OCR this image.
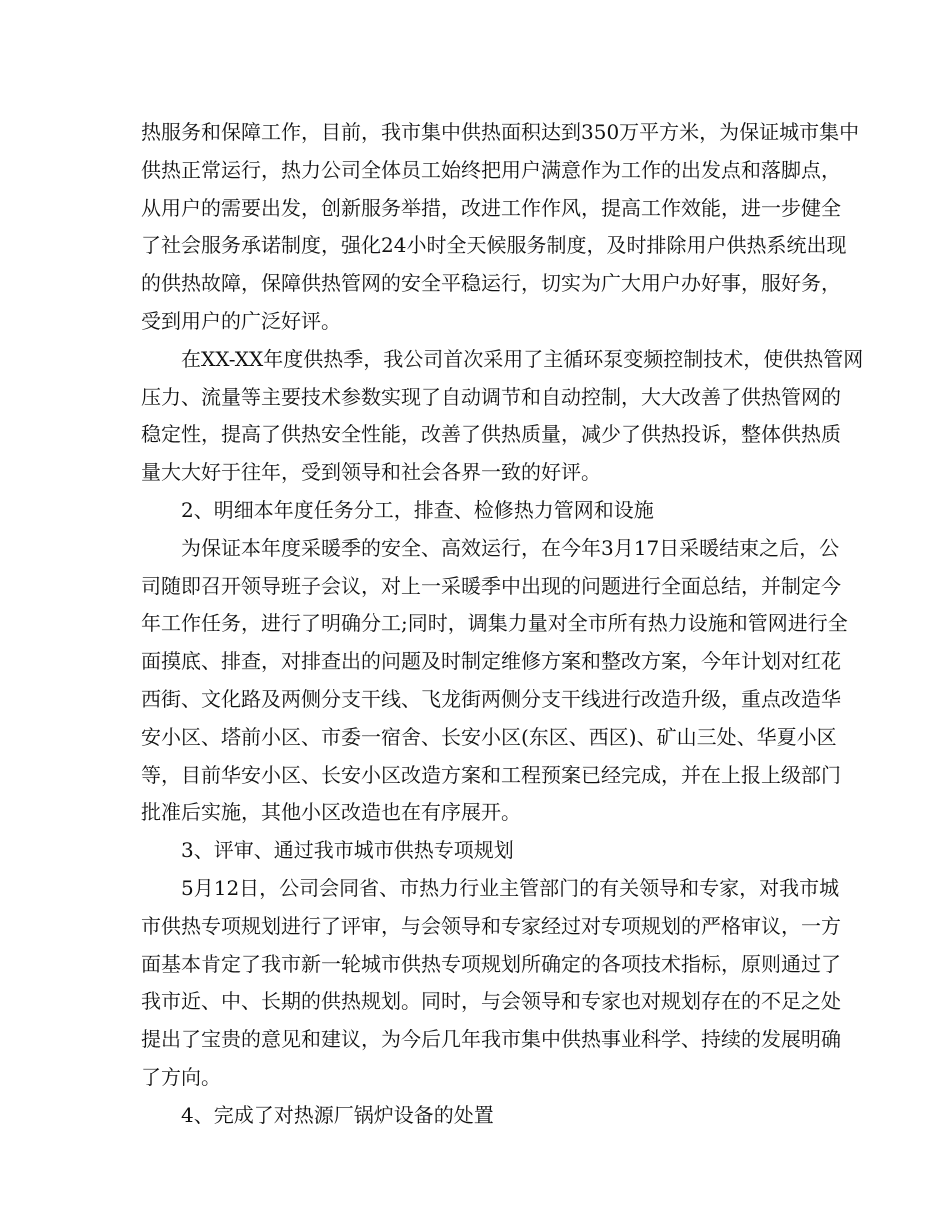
热服务和保障工作，目前，我市集中供热面积达到350万平方米，为保证城市集中
供热正常运行，热力公司全体员工始终把用户满意作为工作的出发点和落脚点，
从用户的需要出发，创新服务举措，改进工作作风，提高工作效能，进一步健全
了社会服务承诺制度，强化24小时全天候服务制度，及时排除用户供热系统出现
的供热故障，保障供热管网的安全平稳运行，切实为广大用户办好事，服好务，
受到用户的广泛好评。
　　在XX-XX年度供热季，我公司首次采用了主循环泵变频控制技术，使供热管网
压力、流量等主要技术参数实现了自动调节和自动控制，大大改善了供热管网的
稳定性，提高了供热安全性能，改善了供热质量，减少了供热投诉，整体供热质
量大大好于往年，受到领导和社会各界一致的好评。
　　2、明细本年度任务分工，排查、检修热力管网和设施
　　为保证本年度采暖季的安全、高效运行，在今年3月17日采暖结束之后，公
司随即召开领导班子会议，对上一采暖季中出现的问题进行全面总结，并制定今
年工作任务，进行了明确分工;同时，调集力量对全市所有热力设施和管网进行全
面摸底、排查，对排查出的问题及时制定维修方案和整改方案，今年计划对红花
西街、文化路及两侧分支干线、飞龙街两侧分支干线进行改造升级，重点改造华
安小区、塔前小区、市委一宿舍、长安小区(东区、西区)、矿山三处、华夏小区
等，目前华安小区、长安小区改造方案和工程预案已经完成，并在上报上级部门
批准后实施，其他小区改造也在有序展开。
　　3、评审、通过我市城市供热专项规划
　　5月12日，公司会同省、市热力行业主管部门的有关领导和专家，对我市城
市供热专项规划进行了评审，与会领导和专家经过对专项规划的严格审议，一方
面基本肯定了我市新一轮城市供热专项规划所确定的各项技术指标，原则通过了
我市近、中、长期的供热规划。同时，与会领导和专家也对规划存在的不足之处
提出了宝贵的意见和建议，为今后几年我市集中供热事业科学、持续的发展明确
了方向。
　　4、完成了对热源厂锅炉设备的处置
